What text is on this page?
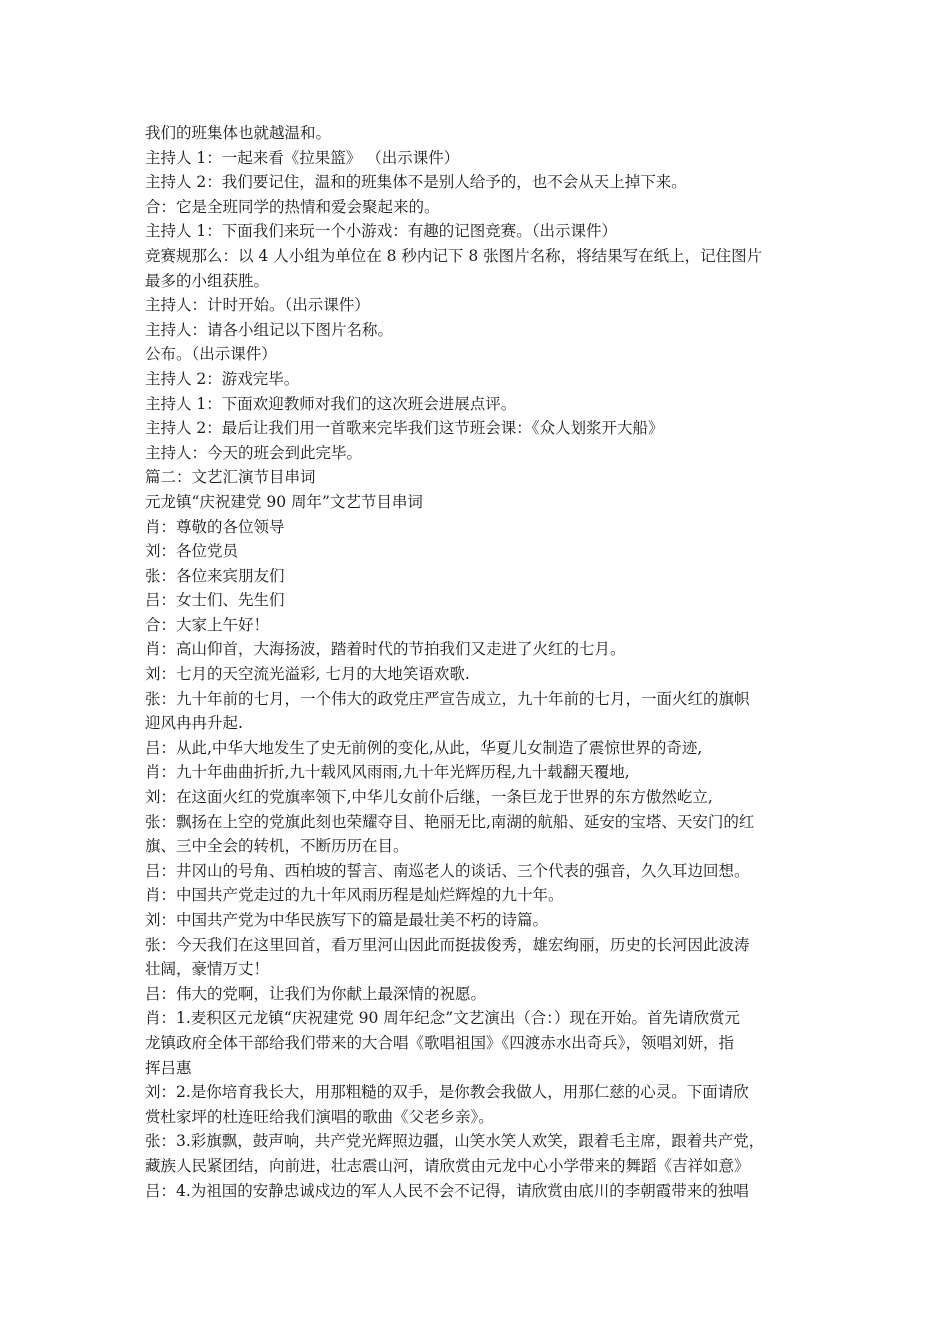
我们的班集体也就越温和。

主持人 1：一起来看《拉果篮》 （出示课件）

主持人 2：我们要记住，温和的班集体不是别人给予的，也不会从天上掉下来。

合：它是全班同学的热情和爱会聚起来的。

主持人 1：下面我们来玩一个小游戏：有趣的记图竞赛。（出示课件）

竞赛规那么：以 4 人小组为单位在 8 秒内记下 8 张图片名称，将结果写在纸上，记住图片

最多的小组获胜。

主持人：计时开始。（出示课件）

主持人：请各小组记以下图片名称。

公布。（出示课件）

主持人 2：游戏完毕。

主持人 1：下面欢迎教师对我们的这次班会进展点评。

主持人 2：最后让我们用一首歌来完毕我们这节班会课：《众人划浆开大船》

主持人：今天的班会到此完毕。

篇二：文艺汇演节目串词

元龙镇“庆祝建党 90 周年”文艺节目串词

肖：尊敬的各位领导

刘：各位党员

张：各位来宾朋友们

吕：女士们、先生们

合：大家上午好！

肖：高山仰首，大海扬波，踏着时代的节拍我们又走进了火红的七月。

刘：七月的天空流光溢彩, 七月的大地笑语欢歌.

张：九十年前的七月，一个伟大的政党庄严宣告成立，九十年前的七月，一面火红的旗帜

迎风冉冉升起.

吕：从此,中华大地发生了史无前例的变化,从此，华夏儿女制造了震惊世界的奇迹,

肖：九十年曲曲折折,九十载风风雨雨,九十年光辉历程,九十载翻天覆地,

刘：在这面火红的党旗率领下,中华儿女前仆后继，一条巨龙于世界的东方傲然屹立,

张：飘扬在上空的党旗此刻也荣耀夺目、艳丽无比,南湖的航船、延安的宝塔、天安门的红

旗、三中全会的转机，不断历历在目。

吕：井冈山的号角、西柏坡的誓言、南巡老人的谈话、三个代表的强音，久久耳边回想。

肖：中国共产党走过的九十年风雨历程是灿烂辉煌的九十年。

刘：中国共产党为中华民族写下的篇是最壮美不朽的诗篇。

张：今天我们在这里回首，看万里河山因此而挺拔俊秀，雄宏绚丽，历史的长河因此波涛

壮阔，豪情万丈！

吕：伟大的党啊，让我们为你献上最深情的祝愿。

肖：1.麦积区元龙镇“庆祝建党 90 周年纪念”文艺演出（合：）现在开始。首先请欣赏元

龙镇政府全体干部给我们带来的大合唱《歌唱祖国》《四渡赤水出奇兵》，领唱刘妍，指

挥吕惠

刘：2.是你培育我长大，用那粗糙的双手，是你教会我做人，用那仁慈的心灵。下面请欣

赏杜家坪的杜连旺给我们演唱的歌曲《父老乡亲》。

张：3.彩旗飘，鼓声响，共产党光辉照边疆，山笑水笑人欢笑，跟着毛主席，跟着共产党，

藏族人民紧团结，向前进，壮志震山河，请欣赏由元龙中心小学带来的舞蹈《吉祥如意》

吕：4.为祖国的安静忠诚戍边的军人人民不会不记得，请欣赏由底川的李朝霞带来的独唱
